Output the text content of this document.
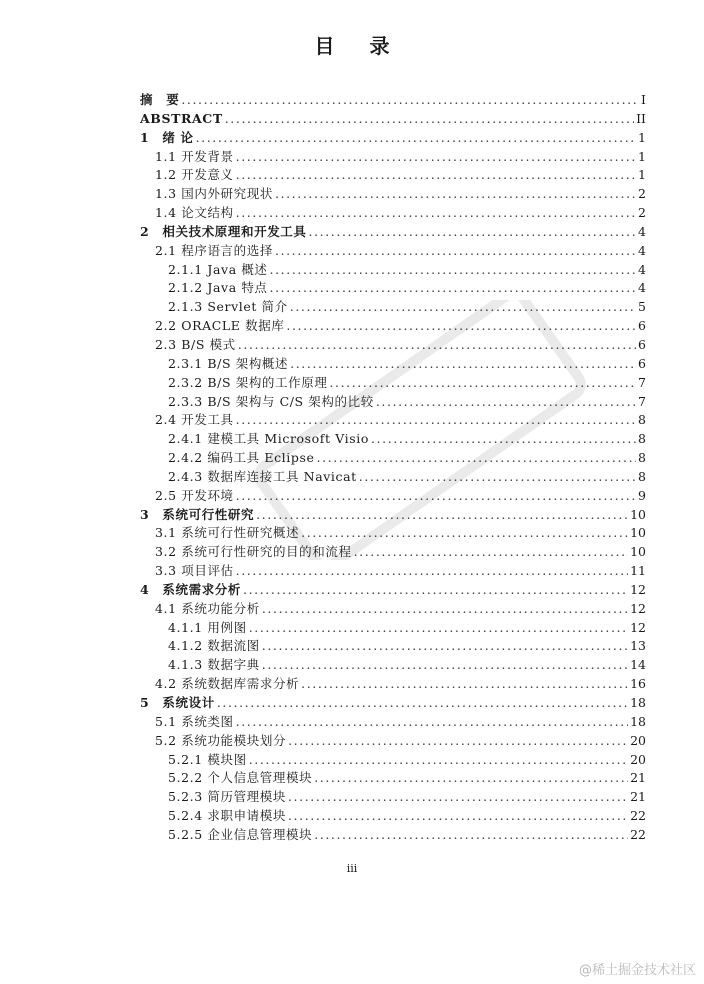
目 录
摘　要 .....	I
ABSTRACT .....	II
1　绪 论 .....	1
1.1 开发背景 .....	1
1.2 开发意义 .....	1
1.3 国内外研究现状 .....	2
1.4 论文结构 .....	2
2　相关技术原理和开发工具 .....	4
2.1 程序语言的选择 .....	4
2.1.1 Java 概述 .....	4
2.1.2 Java 特点 .....	4
2.1.3 Servlet 简介 .....	5
2.2 ORACLE 数据库 .....	6
2.3 B/S 模式 .....	6
2.3.1 B/S 架构概述 .....	6
2.3.2 B/S 架构的工作原理 .....	7
2.3.3 B/S 架构与 C/S 架构的比较 .....	7
2.4 开发工具 .....	8
2.4.1 建模工具 Microsoft Visio .....	8
2.4.2 编码工具 Eclipse .....	8
2.4.3 数据库连接工具 Navicat .....	8
2.5 开发环境 .....	9
3　系统可行性研究 .....	10
3.1 系统可行性研究概述 .....	10
3.2 系统可行性研究的目的和流程 .....	10
3.3 项目评估 .....	11
4　系统需求分析 .....	12
4.1 系统功能分析 .....	12
4.1.1 用例图 .....	12
4.1.2 数据流图 .....	13
4.1.3 数据字典 .....	14
4.2 系统数据库需求分析 .....	16
5　系统设计 .....	18
5.1 系统类图 .....	18
5.2 系统功能模块划分 .....	20
5.2.1 模块图 .....	20
5.2.2 个人信息管理模块 .....	21
5.2.3 简历管理模块 .....	21
5.2.4 求职申请模块 .....	22
5.2.5 企业信息管理模块 .....	22
iii
@稀土掘金技术社区
